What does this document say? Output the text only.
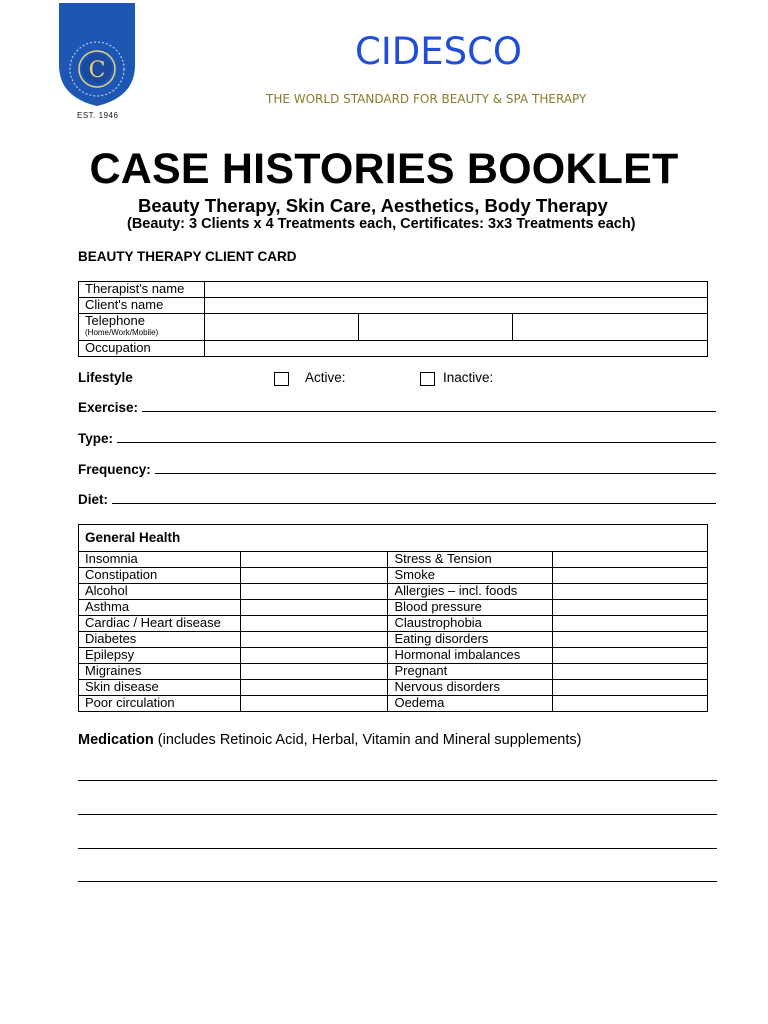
C
EST. 1946
CIDESCO
THE WORLD STANDARD FOR BEAUTY & SPA THERAPY
CASE HISTORIES BOOKLET
Beauty Therapy, Skin Care, Aesthetics, Body Therapy
(Beauty: 3 Clients x 4 Treatments each, Certificates: 3x3 Treatments each)
BEAUTY THERAPY CLIENT CARD
Therapist's name			
Client's name			
Telephone
(Home/Work/Mobile)			

Occupation			
Lifestyle	Active:	Inactive:
Exercise:
Type:
Frequency:
Diet:
General Health			
Insomnia		Stress & Tension	
Constipation		Smoke	
Alcohol		Allergies – incl. foods	
Asthma		Blood pressure	
Cardiac / Heart disease		Claustrophobia	
Diabetes		Eating disorders	
Epilepsy		Hormonal imbalances	
Migraines		Pregnant	
Skin disease		Nervous disorders	
Poor circulation		Oedema	
Medication (includes Retinoic Acid, Herbal, Vitamin and Mineral supplements)
